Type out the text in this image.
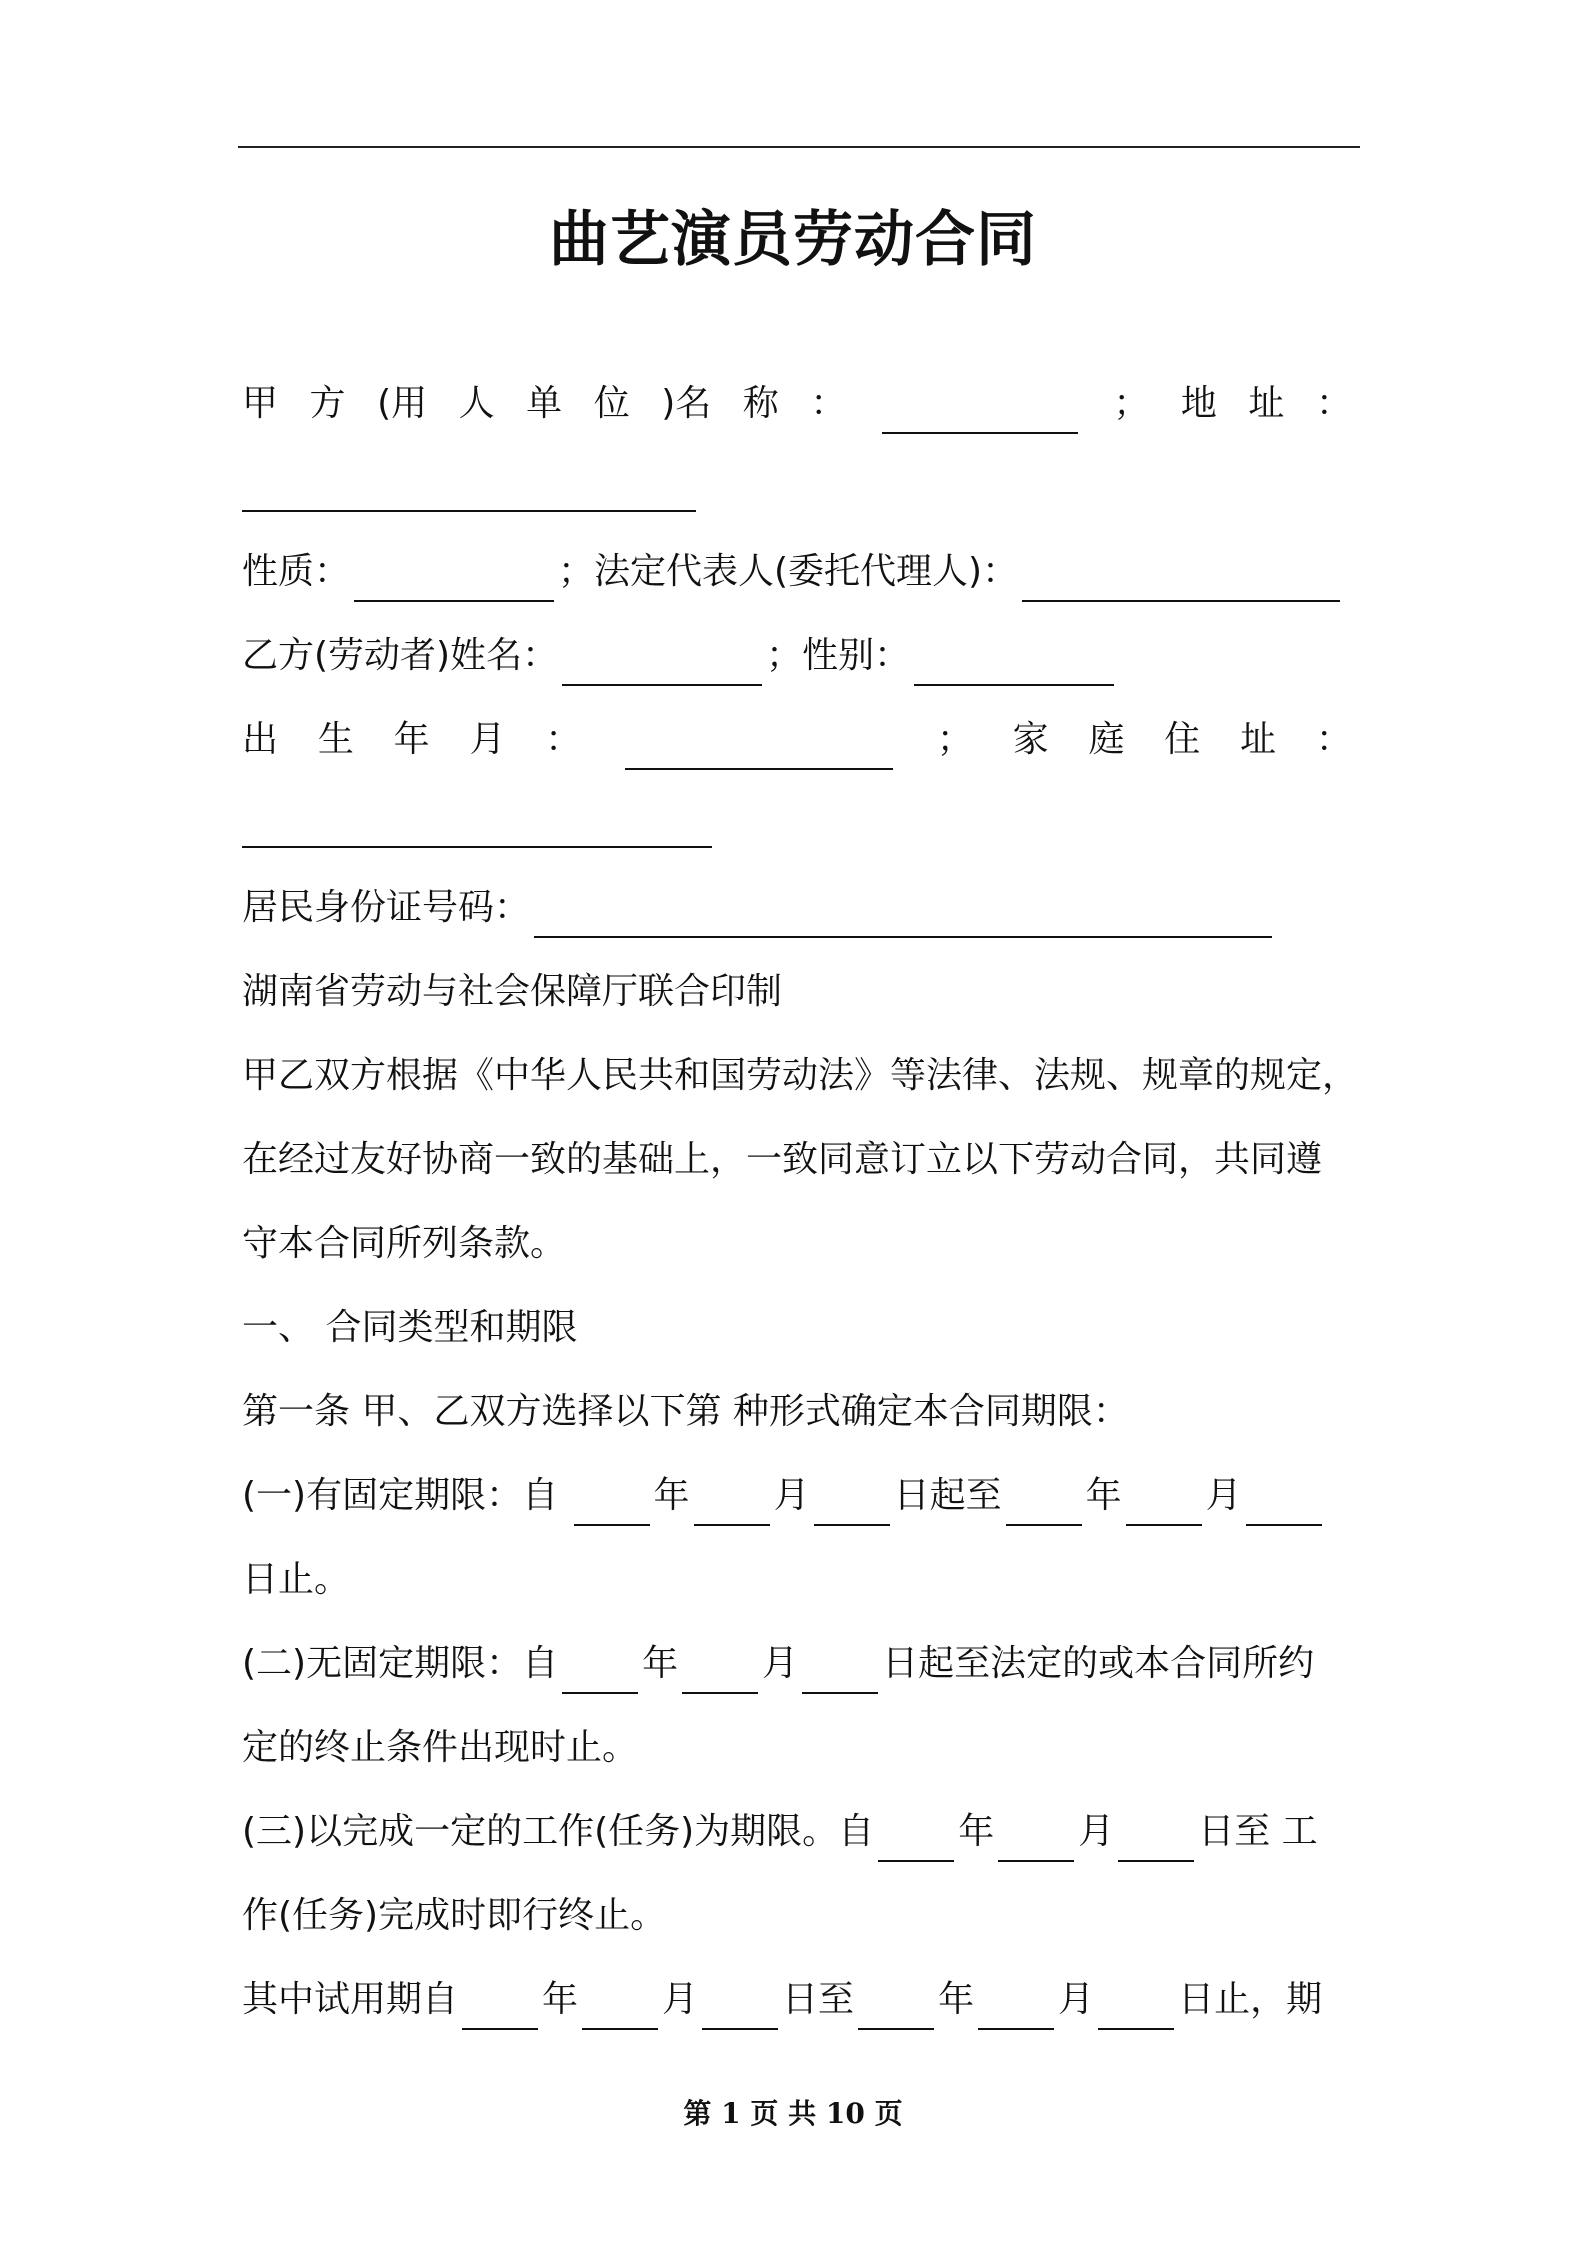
曲艺演员劳动合同
甲 方 (用 人 单 位 )名 称 ：	； 地 址 ：
性质：	；法定代表人(委托代理人)：
乙方(劳动者)姓名：	；性别：
出 生 年 月 ：	； 家 庭 住 址 ：
居民身份证号码：
湖南省劳动与社会保障厅联合印制
甲乙双方根据《中华人民共和国劳动法》等法律、法规、规章的规定，
在经过友好协商一致的基础上，一致同意订立以下劳动合同，共同遵
守本合同所列条款。
一、 合同类型和期限
第一条 甲、乙双方选择以下第 种形式确定本合同期限：
(一)有固定期限：自 年 月 日起至 年 月
日止。
(二)无固定期限：自 年 月 日起至法定的或本合同所约
定的终止条件出现时止。
(三)以完成一定的工作(任务)为期限。自 年 月 日至 工
作(任务)完成时即行终止。
其中试用期自 年 月 日至 年 月 日止，期
第 1 页 共 10 页
